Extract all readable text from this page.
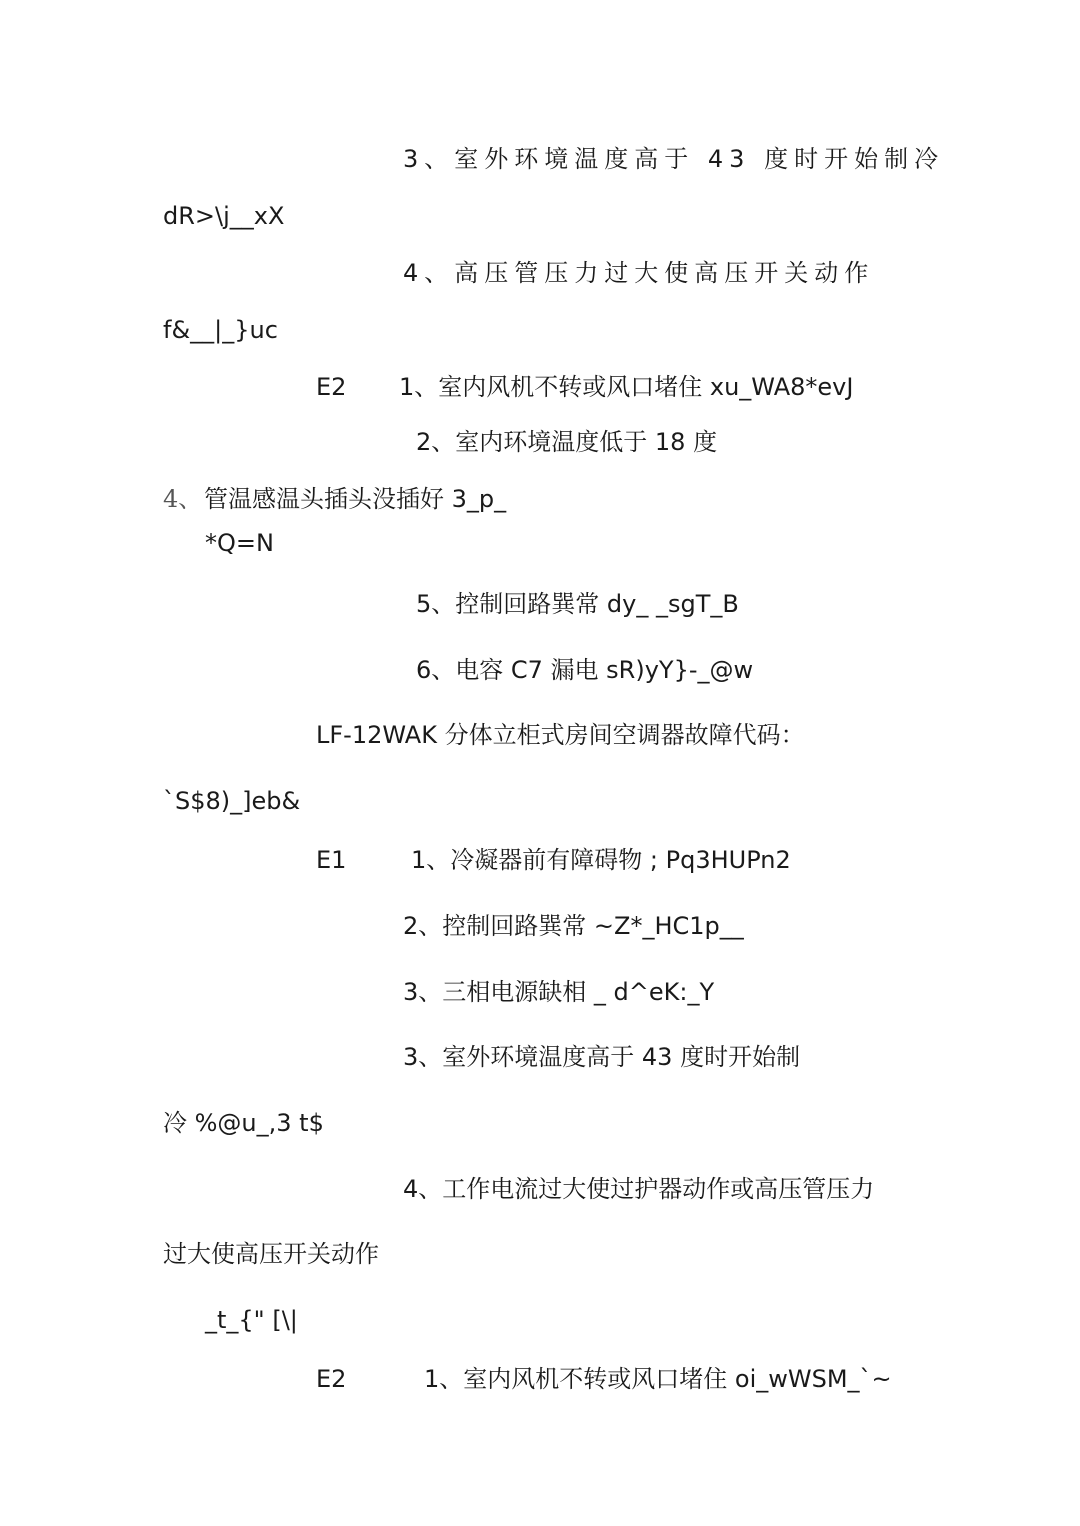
3、室外环境温度高于 43 度时开始制冷
dR>\j__xX
4、高压管压力过大使高压开关动作
f&__|_}uc
E2 1、室内风机不转或风口堵住 xu_WA8*evJ
2、室内环境温度低于 18 度
4、 管温感温头插头没插好 3_p_
*Q=N
5、控制回路巽常 dy_ _sgT_B
6、电容 C7 漏电 sR)yY}-_@w
LF-12WAK 分体立柜式房间空调器故障代码：
`S$8)_]eb&
E1	1、冷凝器前有障碍物 ; Pq3HUPn2
2、控制回路巽常 ~Z*_HC1p__
3、三相电源缺相 _ d^eK:_Y
3、室外环境温度高于 43 度时开始制
冷 %@u_,3 t$
4、工作电流过大使过护器动作或高压管压力
过大使高压开关动作
_t_{" [\|
E2	1、室内风机不转或风口堵住 oi_wWSM_`~
